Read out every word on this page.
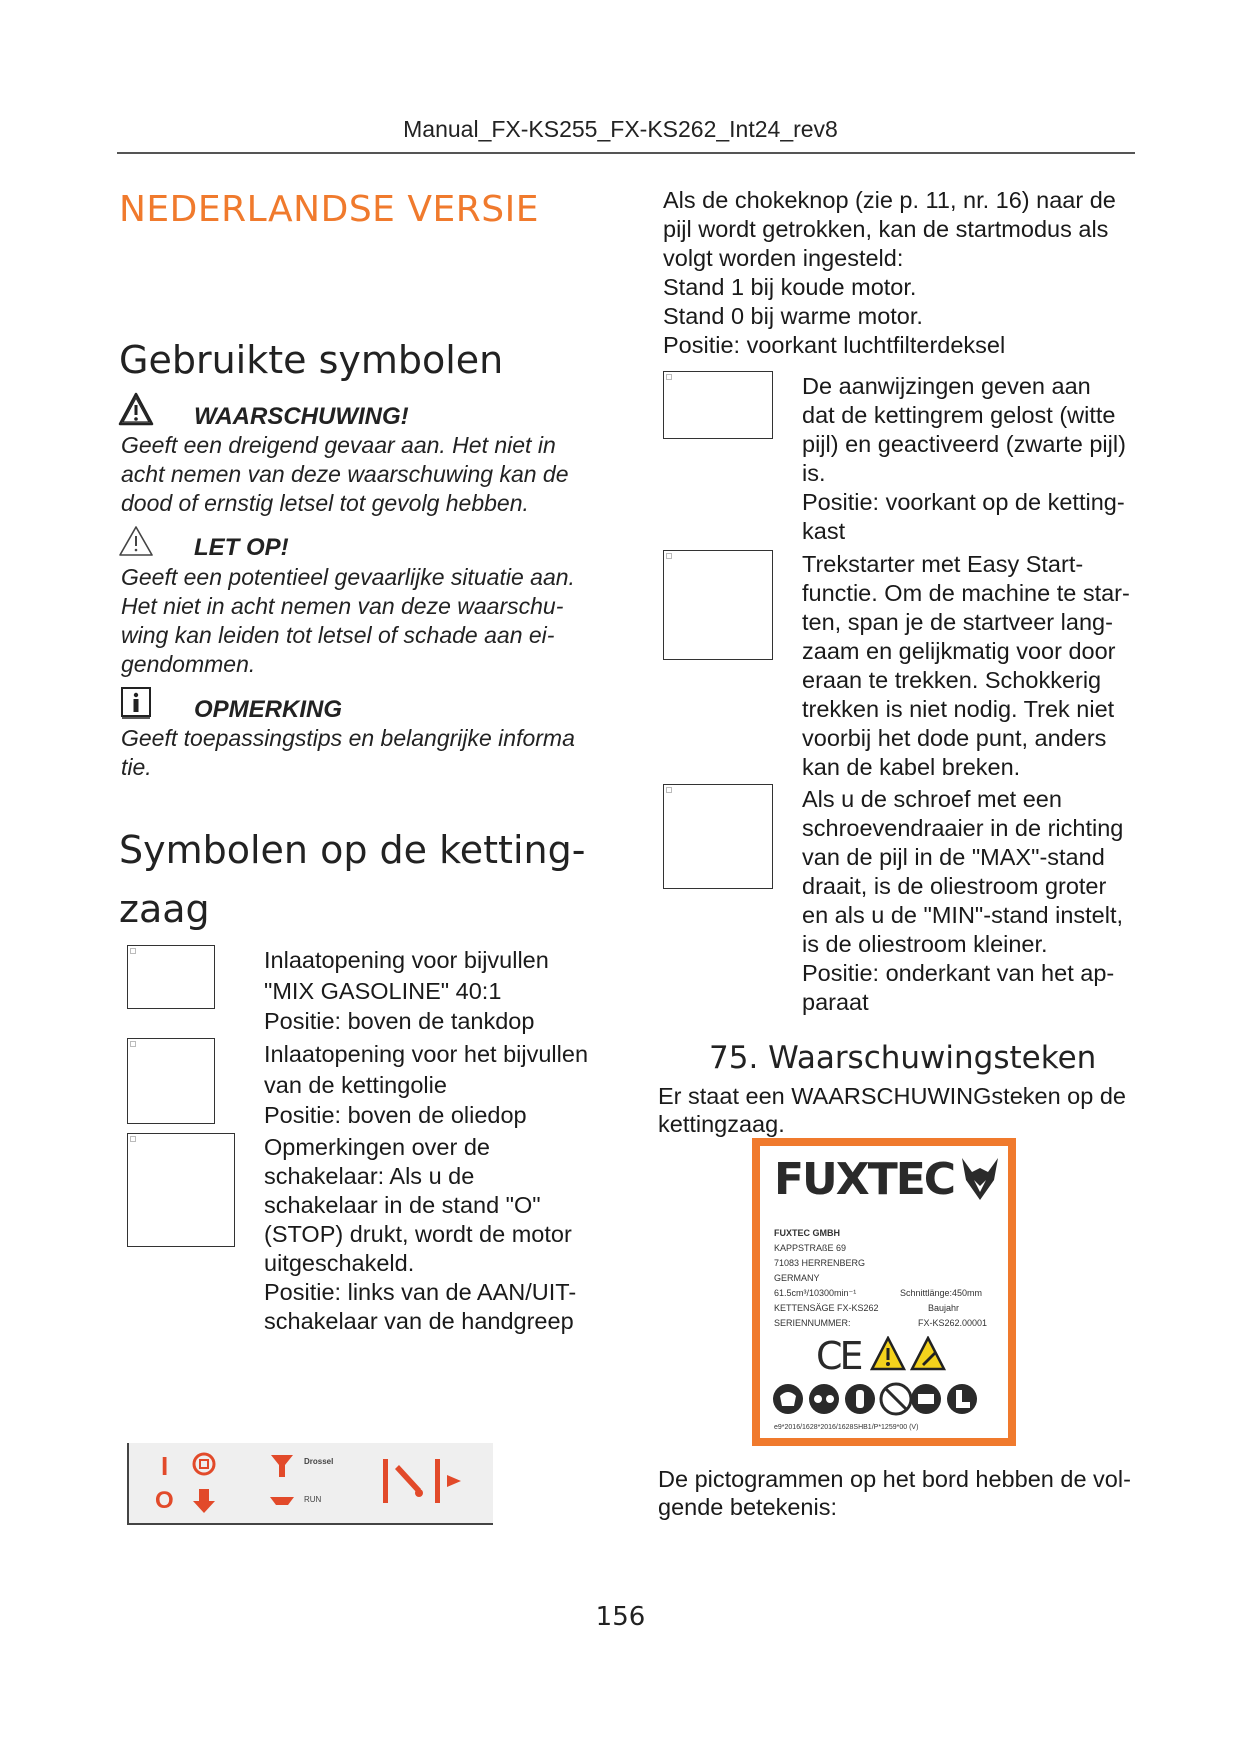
Manual_FX-KS255_FX-KS262_Int24_rev8
NEDERLANDSE VERSIE
Gebruikte symbolen
WAARSCHUWING!
Geeft een dreigend gevaar aan. Het niet in
acht nemen van deze waarschuwing kan de
dood of ernstig letsel tot gevolg hebben.
LET OP!
Geeft een potentieel gevaarlijke situatie aan.
Het niet in acht nemen van deze waarschu-
wing kan leiden tot letsel of schade aan ei-
gendommen.
OPMERKING
Geeft toepassingstips en belangrijke informa
tie.
Symbolen op de ketting-
zaag
Inlaatopening voor bijvullen
"MIX GASOLINE" 40:1
Positie: boven de tankdop
Inlaatopening voor het bijvullen
van de kettingolie
Positie: boven de oliedop
Opmerkingen over de
schakelaar: Als u de
schakelaar in de stand "O"
(STOP) drukt, wordt de motor
uitgeschakeld.
Positie: links van de AAN/UIT-
schakelaar van de handgreep
I
O
Drossel
RUN
Als de chokeknop (zie p. 11, nr. 16) naar de
pijl wordt getrokken, kan de startmodus als
volgt worden ingesteld:
Stand 1 bij koude motor.
Stand 0 bij warme motor.
Positie: voorkant luchtfilterdeksel
De aanwijzingen geven aan
dat de kettingrem gelost (witte
pijl) en geactiveerd (zwarte pijl)
is.
Positie: voorkant op de ketting-
kast
Trekstarter met Easy Start-
functie. Om de machine te star-
ten, span je de startveer lang-
zaam en gelijkmatig voor door
eraan te trekken. Schokkerig
trekken is niet nodig. Trek niet
voorbij het dode punt, anders
kan de kabel breken.
Als u de schroef met een
schroevendraaier in de richting
van de pijl in de "MAX"-stand
draait, is de oliestroom groter
en als u de "MIN"-stand instelt,
is de oliestroom kleiner.
Positie: onderkant van het ap-
paraat
75. Waarschuwingsteken
Er staat een WAARSCHUWINGsteken op de
kettingzaag.
FUXTEC
FUXTEC GMBH
KAPPSTRAßE 69
71083 HERRENBERG
GERMANY
61.5cm³/10300min⁻¹	Schnittlänge:450mm
KETTENSÄGE FX-KS262	Baujahr
SERIENNUMMER:	FX-KS262.00001
CE
e9*2016/1628*2016/1628SHB1/P*1259*00 (V)
De pictogrammen op het bord hebben de vol-
gende betekenis:
156
